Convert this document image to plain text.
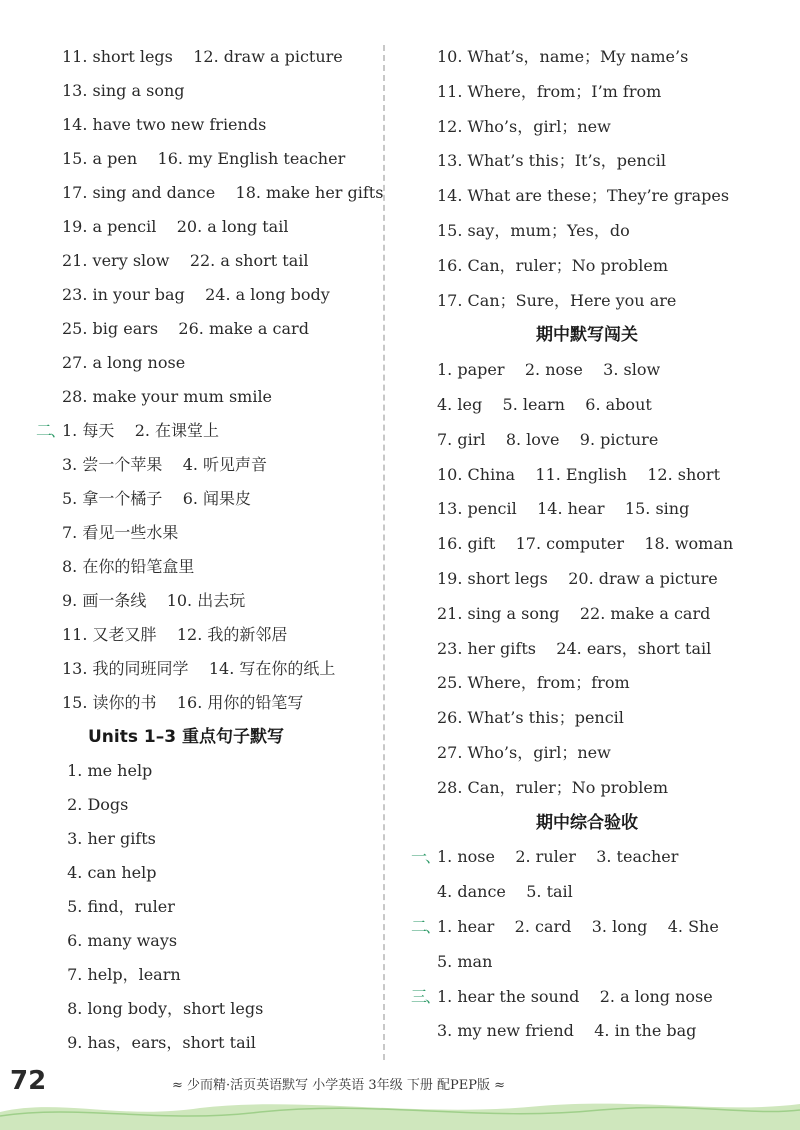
11. short legs    12. draw a picture
13. sing a song
14. have two new friends
15. a pen    16. my English teacher
17. sing and dance    18. make her gifts
19. a pencil    20. a long tail
21. very slow    22. a short tail
23. in your bag    24. a long body
25. big ears    26. make a card
27. a long nose
28. make your mum smile
二、
1. 每天    2. 在课堂上
3. 尝一个苹果    4. 听见声音
5. 拿一个橘子    6. 闻果皮
7. 看见一些水果
8. 在你的铅笔盒里
9. 画一条线    10. 出去玩
11. 又老又胖    12. 我的新邻居
13. 我的同班同学    14. 写在你的纸上
15. 读你的书    16. 用你的铅笔写
Units 1–3 重点句子默写
1. me help
2. Dogs
3. her gifts
4. can help
5. find，ruler
6. many ways
7. help，learn
8. long body，short legs
9. has，ears，short tail
10. What’s，name；My name’s
11. Where，from；I’m from
12. Who’s，girl；new
13. What’s this；It’s，pencil
14. What are these；They’re grapes
15. say，mum；Yes，do
16. Can，ruler；No problem
17. Can；Sure，Here you are
期中默写闯关
1. paper    2. nose    3. slow
4. leg    5. learn    6. about
7. girl    8. love    9. picture
10. China    11. English    12. short
13. pencil    14. hear    15. sing
16. gift    17. computer    18. woman
19. short legs    20. draw a picture
21. sing a song    22. make a card
23. her gifts    24. ears，short tail
25. Where，from；from
26. What’s this；pencil
27. Who’s，girl；new
28. Can，ruler；No problem
期中综合验收
一、
1. nose    2. ruler    3. teacher
4. dance    5. tail
二、
1. hear    2. card    3. long    4. She
5. man
三、
1. hear the sound    2. a long nose
3. my new friend    4. in the bag
72	≈ 少而精·活页英语默写 小学英语 3年级 下册 配PEP版 ≈
